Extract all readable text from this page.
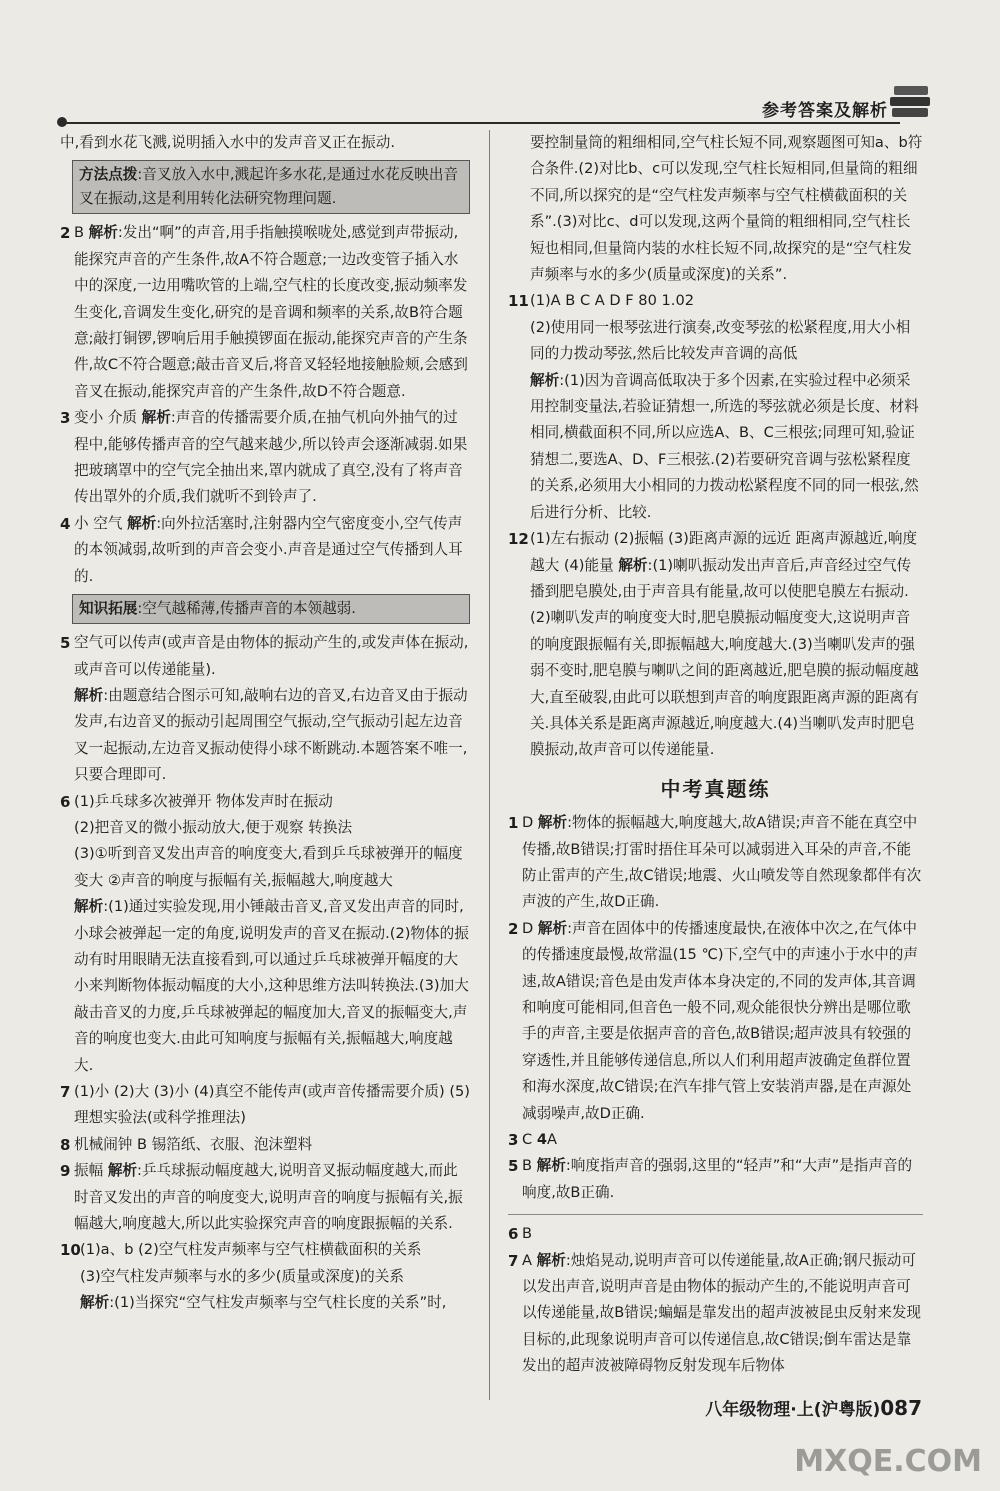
参考答案及解析

中,看到水花飞溅,说明插入水中的发声音叉正在振动.

方法点拨:音叉放入水中,溅起许多水花,是通过水花反映出音叉在振动,这是利用转化法研究物理问题.

2 B 解析:发出“啊”的声音,用手指触摸喉咙处,感觉到声带振动,能探究声音的产生条件,故A不符合题意;一边改变管子插入水中的深度,一边用嘴吹管的上端,空气柱的长度改变,振动频率发生变化,音调发生变化,研究的是音调和频率的关系,故B符合题意;敲打铜锣,锣响后用手触摸锣面在振动,能探究声音的产生条件,故C不符合题意;敲击音叉后,将音叉轻轻地接触脸颊,会感到音叉在振动,能探究声音的产生条件,故D不符合题意.

3 变小 介质 解析:声音的传播需要介质,在抽气机向外抽气的过程中,能够传播声音的空气越来越少,所以铃声会逐渐减弱.如果把玻璃罩中的空气完全抽出来,罩内就成了真空,没有了将声音传出罩外的介质,我们就听不到铃声了.

4 小 空气 解析:向外拉活塞时,注射器内空气密度变小,空气传声的本领减弱,故听到的声音会变小.声音是通过空气传播到人耳的.

知识拓展:空气越稀薄,传播声音的本领越弱.

5 空气可以传声(或声音是由物体的振动产生的,或发声体在振动,或声音可以传递能量).
解析:由题意结合图示可知,敲响右边的音叉,右边音叉由于振动发声,右边音叉的振动引起周围空气振动,空气振动引起左边音叉一起振动,左边音叉振动使得小球不断跳动.本题答案不唯一,只要合理即可.

6 (1)乒乓球多次被弹开 物体发声时在振动
(2)把音叉的微小振动放大,便于观察 转换法
(3)①听到音叉发出声音的响度变大,看到乒乓球被弹开的幅度变大 ②声音的响度与振幅有关,振幅越大,响度越大
解析:(1)通过实验发现,用小锤敲击音叉,音叉发出声音的同时,小球会被弹起一定的角度,说明发声的音叉在振动.(2)物体的振动有时用眼睛无法直接看到,可以通过乒乓球被弹开幅度的大小来判断物体振动幅度的大小,这种思维方法叫转换法.(3)加大敲击音叉的力度,乒乓球被弹起的幅度加大,音叉的振幅变大,声音的响度也变大.由此可知响度与振幅有关,振幅越大,响度越大.

7 (1)小 (2)大 (3)小 (4)真空不能传声(或声音传播需要介质) (5)理想实验法(或科学推理法)

8 机械闹钟 B 锡箔纸、衣服、泡沫塑料

9 振幅 解析:乒乓球振动幅度越大,说明音叉振动幅度越大,而此时音叉发出的声音的响度变大,说明声音的响度与振幅有关,振幅越大,响度越大,所以此实验探究声音的响度跟振幅的关系.

10 (1)a、b (2)空气柱发声频率与空气柱横截面积的关系
(3)空气柱发声频率与水的多少(质量或深度)的关系
解析:(1)当探究“空气柱发声频率与空气柱长度的关系”时,

要控制量筒的粗细相同,空气柱长短不同,观察题图可知a、b符合条件.(2)对比b、c可以发现,空气柱长短相同,但量筒的粗细不同,所以探究的是“空气柱发声频率与空气柱横截面积的关系”.(3)对比c、d可以发现,这两个量筒的粗细相同,空气柱长短也相同,但量筒内装的水柱长短不同,故探究的是“空气柱发声频率与水的多少(质量或深度)的关系”.

11 (1)A B C A D F 80 1.02
(2)使用同一根琴弦进行演奏,改变琴弦的松紧程度,用大小相同的力拨动琴弦,然后比较发声音调的高低
解析:(1)因为音调高低取决于多个因素,在实验过程中必须采用控制变量法,若验证猜想一,所选的琴弦就必须是长度、材料相同,横截面积不同,所以应选A、B、C三根弦;同理可知,验证猜想二,要选A、D、F三根弦.(2)若要研究音调与弦松紧程度的关系,必须用大小相同的力拨动松紧程度不同的同一根弦,然后进行分析、比较.

12 (1)左右振动 (2)振幅 (3)距离声源的远近 距离声源越近,响度越大 (4)能量 解析:(1)喇叭振动发出声音后,声音经过空气传播到肥皂膜处,由于声音具有能量,故可以使肥皂膜左右振动.(2)喇叭发声的响度变大时,肥皂膜振动幅度变大,这说明声音的响度跟振幅有关,即振幅越大,响度越大.(3)当喇叭发声的强弱不变时,肥皂膜与喇叭之间的距离越近,肥皂膜的振动幅度越大,直至破裂,由此可以联想到声音的响度跟距离声源的距离有关.具体关系是距离声源越近,响度越大.(4)当喇叭发声时肥皂膜振动,故声音可以传递能量.

中考真题练

1 D 解析:物体的振幅越大,响度越大,故A错误;声音不能在真空中传播,故B错误;打雷时捂住耳朵可以减弱进入耳朵的声音,不能防止雷声的产生,故C错误;地震、火山喷发等自然现象都伴有次声波的产生,故D正确.

2 D 解析:声音在固体中的传播速度最快,在液体中次之,在气体中的传播速度最慢,故常温(15 ℃)下,空气中的声速小于水中的声速,故A错误;音色是由发声体本身决定的,不同的发声体,其音调和响度可能相同,但音色一般不同,观众能很快分辨出是哪位歌手的声音,主要是依据声音的音色,故B错误;超声波具有较强的穿透性,并且能够传递信息,所以人们利用超声波确定鱼群位置和海水深度,故C错误;在汽车排气管上安装消声器,是在声源处减弱噪声,故D正确.

3 C 4A

5 B 解析:响度指声音的强弱,这里的“轻声”和“大声”是指声音的响度,故B正确.

6 B

7 A 解析:烛焰晃动,说明声音可以传递能量,故A正确;钢尺振动可以发出声音,说明声音是由物体的振动产生的,不能说明声音可以传递能量,故B错误;蝙蝠是靠发出的超声波被昆虫反射来发现目标的,此现象说明声音可以传递信息,故C错误;倒车雷达是靠发出的超声波被障碍物反射发现车后物体

八年级物理·上(沪粤版)087
MXQE.COM
